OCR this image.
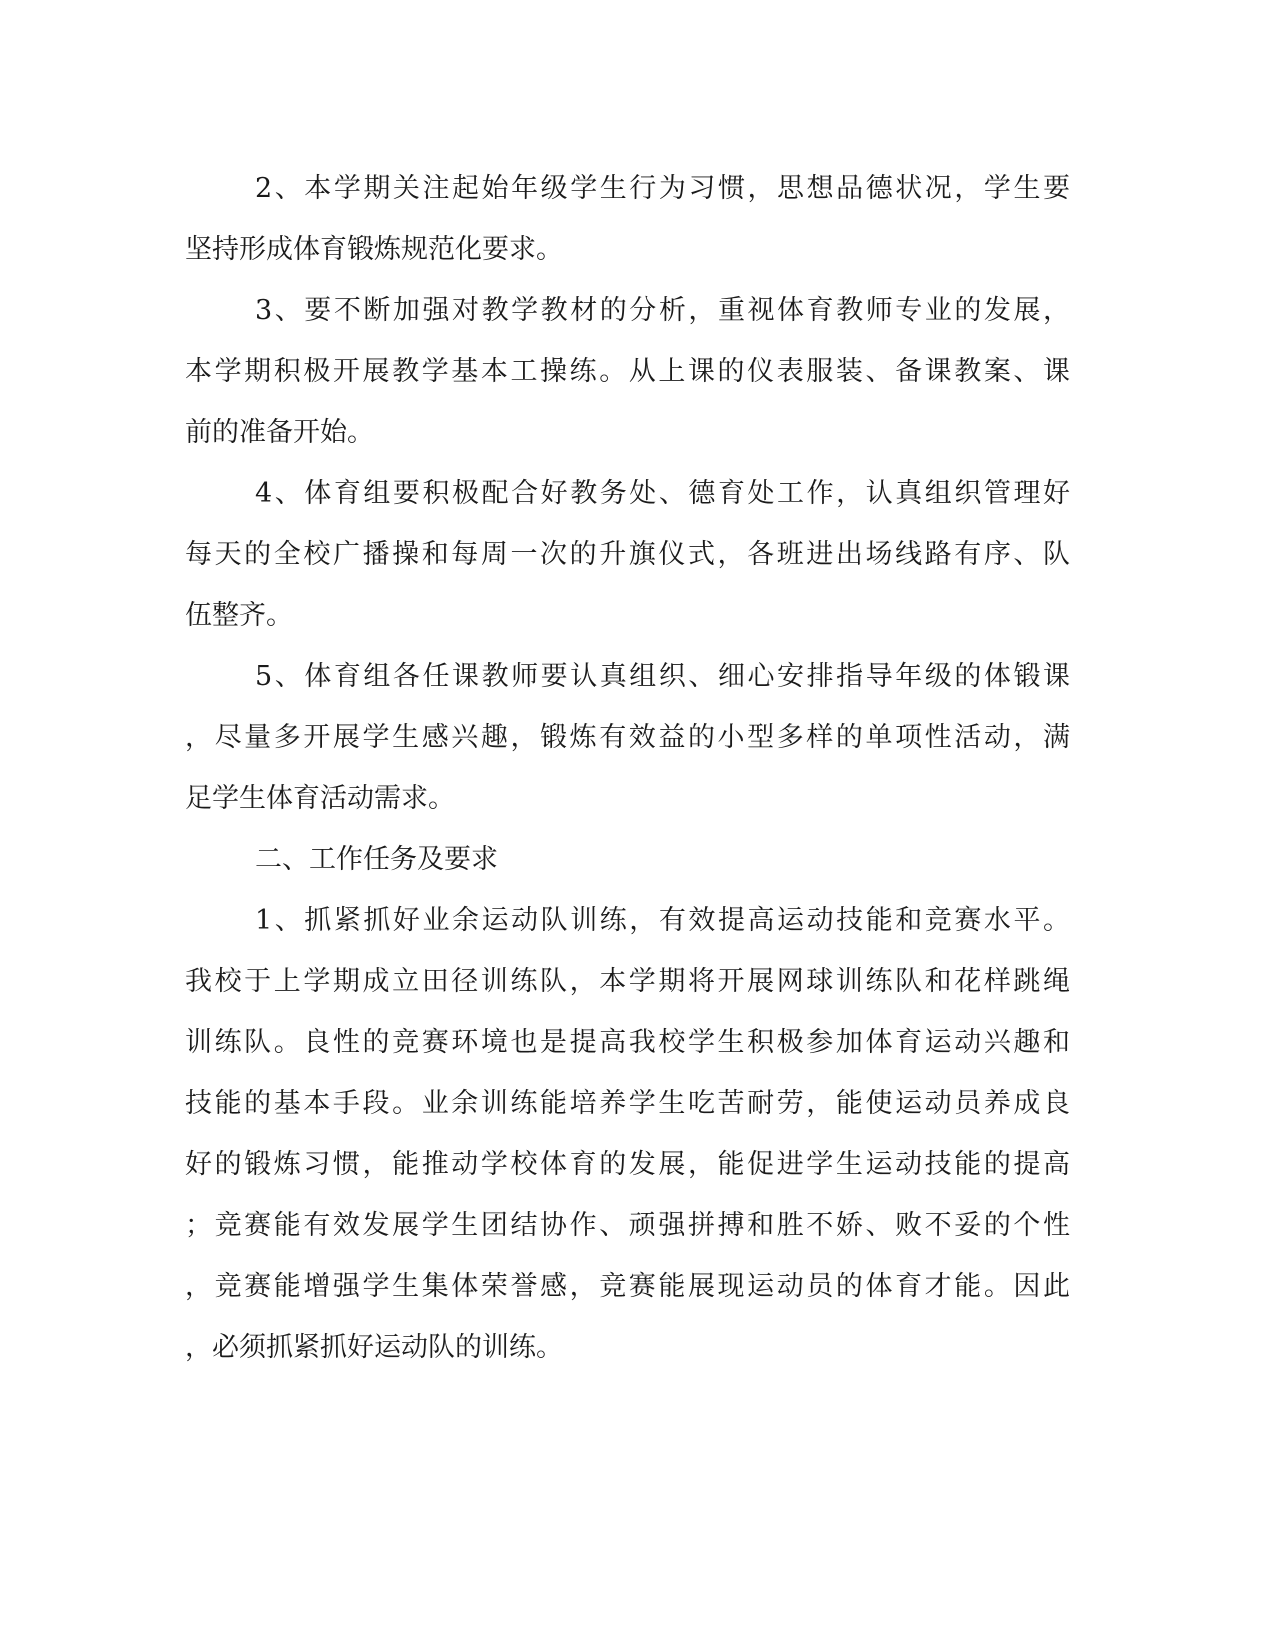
2、本学期关注起始年级学生行为习惯，思想品德状况，学生要
坚持形成体育锻炼规范化要求。
3、要不断加强对教学教材的分析，重视体育教师专业的发展，
本学期积极开展教学基本工操练。从上课的仪表服装、备课教案、课
前的准备开始。
4、体育组要积极配合好教务处、德育处工作，认真组织管理好
每天的全校广播操和每周一次的升旗仪式，各班进出场线路有序、队
伍整齐。
5、体育组各任课教师要认真组织、细心安排指导年级的体锻课
，尽量多开展学生感兴趣，锻炼有效益的小型多样的单项性活动，满
足学生体育活动需求。
二、工作任务及要求
1、抓紧抓好业余运动队训练，有效提高运动技能和竞赛水平。
我校于上学期成立田径训练队，本学期将开展网球训练队和花样跳绳
训练队。良性的竞赛环境也是提高我校学生积极参加体育运动兴趣和
技能的基本手段。业余训练能培养学生吃苦耐劳，能使运动员养成良
好的锻炼习惯，能推动学校体育的发展，能促进学生运动技能的提高
；竞赛能有效发展学生团结协作、顽强拼搏和胜不娇、败不妥的个性
，竞赛能增强学生集体荣誉感，竞赛能展现运动员的体育才能。因此
，必须抓紧抓好运动队的训练。
